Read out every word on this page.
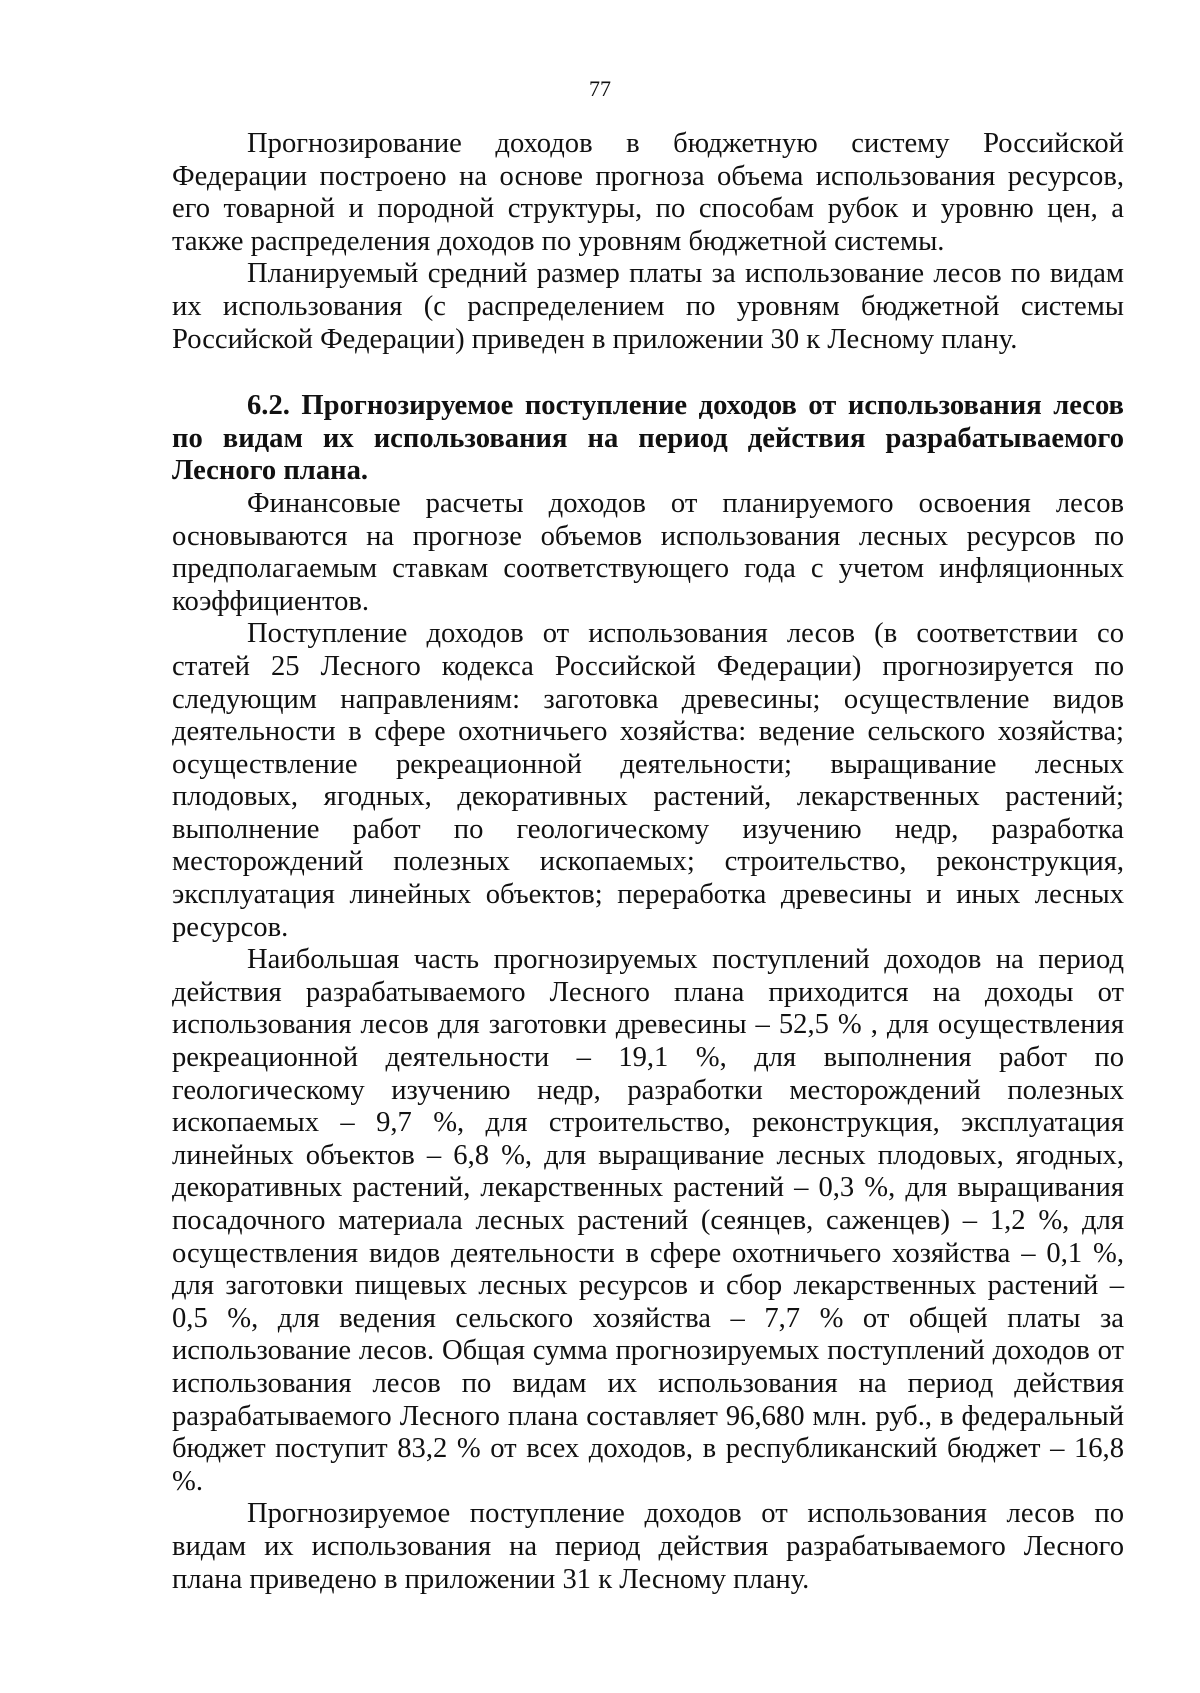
77

Прогнозирование доходов в бюджетную систему Российской Федерации построено на основе прогноза объема использования ресурсов, его товарной и породной структуры, по способам рубок и уровню цен, а также распределения доходов по уровням бюджетной системы.

Планируемый средний размер платы за использование лесов по видам их использования (с распределением по уровням бюджетной системы Российской Федерации) приведен в приложении 30 к Лесному плану.

6.2. Прогнозируемое поступление доходов от использования лесов по видам их использования на период действия разрабатываемого Лесного плана.

Финансовые расчеты доходов от планируемого освоения лесов основываются на прогнозе объемов использования лесных ресурсов по предполагаемым ставкам соответствующего года с учетом инфляционных коэффициентов.

Поступление доходов от использования лесов (в соответствии со статей 25 Лесного кодекса Российской Федерации) прогнозируется по следующим направлениям: заготовка древесины; осуществление видов деятельности в сфере охотничьего хозяйства: ведение сельского хозяйства; осуществление рекреационной деятельности; выращивание лесных плодовых, ягодных, декоративных растений, лекарственных растений; выполнение работ по геологическому изучению недр, разработка месторождений полезных ископаемых; строительство, реконструкция, эксплуатация линейных объектов; переработка древесины и иных лесных ресурсов.

Наибольшая часть прогнозируемых поступлений доходов на период действия разрабатываемого Лесного плана приходится на доходы от использования лесов для заготовки древесины – 52,5 % , для осуществления рекреационной деятельности – 19,1 %, для выполнения работ по геологическому изучению недр, разработки месторождений полезных ископаемых – 9,7 %, для строительство, реконструкция, эксплуатация линейных объектов – 6,8 %, для выращивание лесных плодовых, ягодных, декоративных растений, лекарственных растений – 0,3 %, для выращивания посадочного материала лесных растений (сеянцев, саженцев) – 1,2 %, для осуществления видов деятельности в сфере охотничьего хозяйства – 0,1 %, для заготовки пищевых лесных ресурсов и сбор лекарственных растений – 0,5 %, для ведения сельского хозяйства – 7,7 % от общей платы за использование лесов. Общая сумма прогнозируемых поступлений доходов от использования лесов по видам их использования на период действия разрабатываемого Лесного плана составляет 96,680 млн. руб., в федеральный бюджет поступит 83,2 % от всех доходов, в республиканский бюджет – 16,8 %.

Прогнозируемое поступление доходов от использования лесов по видам их использования на период действия разрабатываемого Лесного плана приведено в приложении 31 к Лесному плану.
